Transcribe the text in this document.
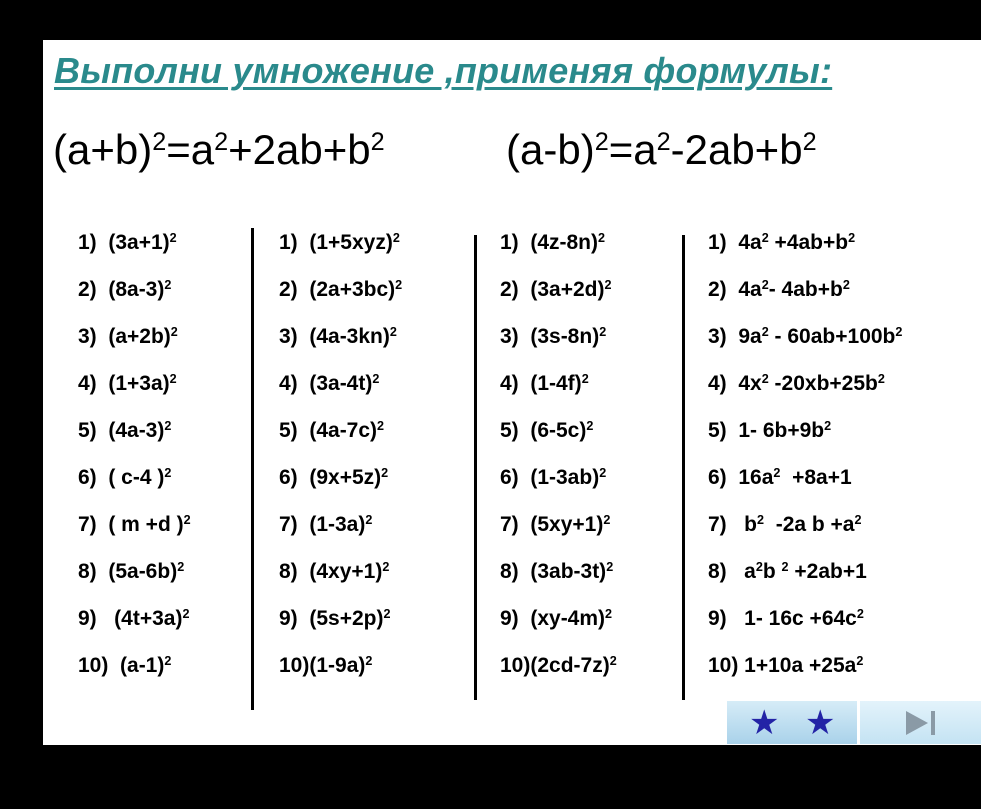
Выполни умножение ,применяя формулы:
$(a+b)^2=a^2+2ab+b^2$	$(a-b)^2=a^2-2ab+b^2$
1)  $(3a+1)^2$
2)  $(8a-3)^2$
3)  $(a+2b)^2$
4)  $(1+3a)^2$
5)  $(4a-3)^2$
6)  ( c-4 )$^2$
7)  ( m +d )$^2$
8)  $(5a-6b)^2$
9)   $(4t+3a)^2$
10)  $(a-1)^2$
1)  $(1+5xyz)^2$
2)  $(2a+3bc)^2$
3)  $(4a-3kn)^2$
4)  $(3a-4t)^2$
5)  $(4a-7c)^2$
6)  $(9x+5z)^2$
7)  $(1-3a)^2$
8)  $(4xy+1)^2$
9)  $(5s+2p)^2$
$10)(1-9a)^2$
1)  $(4z-8n)^2$
2)  $(3a+2d)^2$
3)  $(3s-8n)^2$
4)  $(1-4f)^2$
5)  $(6-5c)^2$
6)  $(1-3ab)^2$
7)  $(5xy+1)^2$
8)  $(3ab-3t)^2$
9)  $(xy-4m)^2$
$10)(2cd-7z)^2$
1)  $4a^2 +4ab+b^2$
2)  $4a^2-$ $4ab+b^2$
3)  $9a^2 - 60ab+100b^2$
4)  $4x^2$ $-20xb+25b^2$
5)  1- $6b+9b^2$
6)  $16a^2 +8a+1$
7)   $b^2$  -2a $b +a^2$
8)   $a^2b$ $^2$ +2ab+1
9)   1- $16c +64c^2$
10) $1+10a +25a^2$
★ ★
